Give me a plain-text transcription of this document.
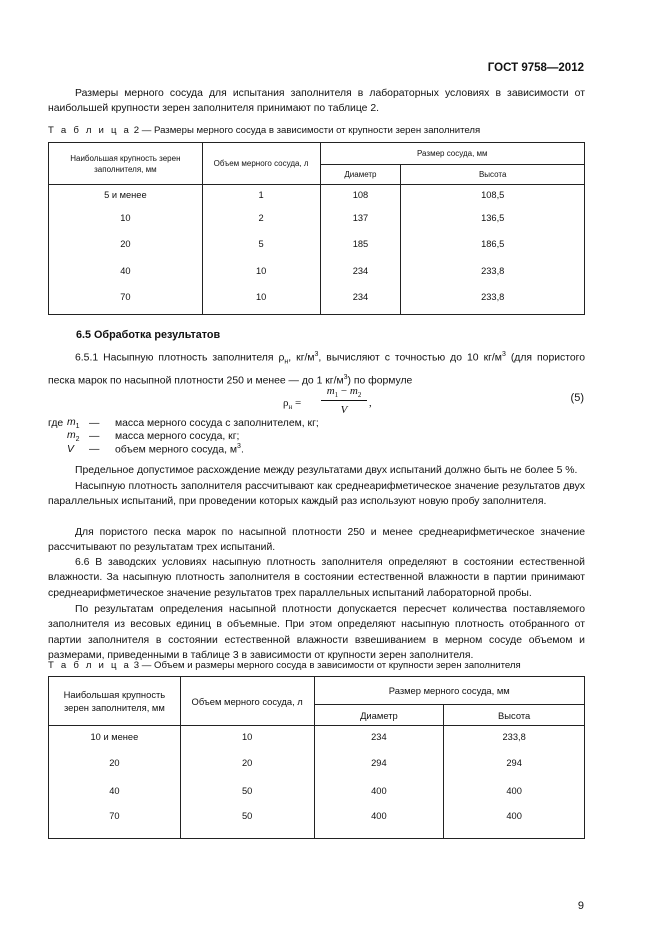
ГОСТ 9758—2012
Размеры мерного сосуда для испытания заполнителя в лабораторных условиях в зависимости от наибольшей крупности зерен заполнителя принимают по таблице 2.
Т а б л и ц а 2 — Размеры мерного сосуда в зависимости от крупности зерен заполнителя
Наибольшая крупность зерен заполнителя, мм	Объем мерного сосуда, л	Размер сосуда, мм	
		Диаметр	Высота
5 и менее	1	108	108,5
10	2	137	136,5
20	5	185	186,5
40	10	234	233,8
70	10	234	233,8
6.5 Обработка результатов
6.5.1 Насыпную плотность заполнителя $\rho_н$, $кг/м^3$, вычисляют с точностью до 10 $кг/м^3$ (для пористого песка марок по насыпной плотности 250 и менее — до 1 $кг/м^3$) по формуле
$\rho_н$ =
$m_1 - m_2$
V
,	(5)
где	$m_1$	—	масса мерного сосуда с заполнителем, кг;
	$m_2$	—	масса мерного сосуда, кг;
	V	—	объем мерного сосуда, $м^3$.
Предельное допустимое расхождение между результатами двух испытаний должно быть не более 5 %.
Насыпную плотность заполнителя рассчитывают как среднеарифметическое значение результатов двух параллельных испытаний, при проведении которых каждый раз используют новую пробу заполнителя.
Для пористого песка марок по насыпной плотности 250 и менее среднеарифметическое значение рассчитывают по результатам трех испытаний.
6.6 В заводских условиях насыпную плотность заполнителя определяют в состоянии естественной влажности. За насыпную плотность заполнителя в состоянии естественной влажности в партии принимают среднеарифметическое значение результатов трех параллельных испытаний лабораторной пробы.
По результатам определения насыпной плотности допускается пересчет количества поставляемого заполнителя из весовых единиц в объемные. При этом определяют насыпную плотность отобранного от партии заполнителя в состоянии естественной влажности взвешиванием в мерном сосуде объемом и размерами, приведенными в таблице 3 в зависимости от крупности зерен заполнителя.
Т а б л и ц а 3 — Объем и размеры мерного сосуда в зависимости от крупности зерен заполнителя
Наибольшая крупность зерен заполнителя, мм	Объем мерного сосуда, л	Размер мерного сосуда, мм	
		Диаметр	Высота
10 и менее	10	234	233,8
20	20	294	294
40	50	400	400
70	50	400	400
9
